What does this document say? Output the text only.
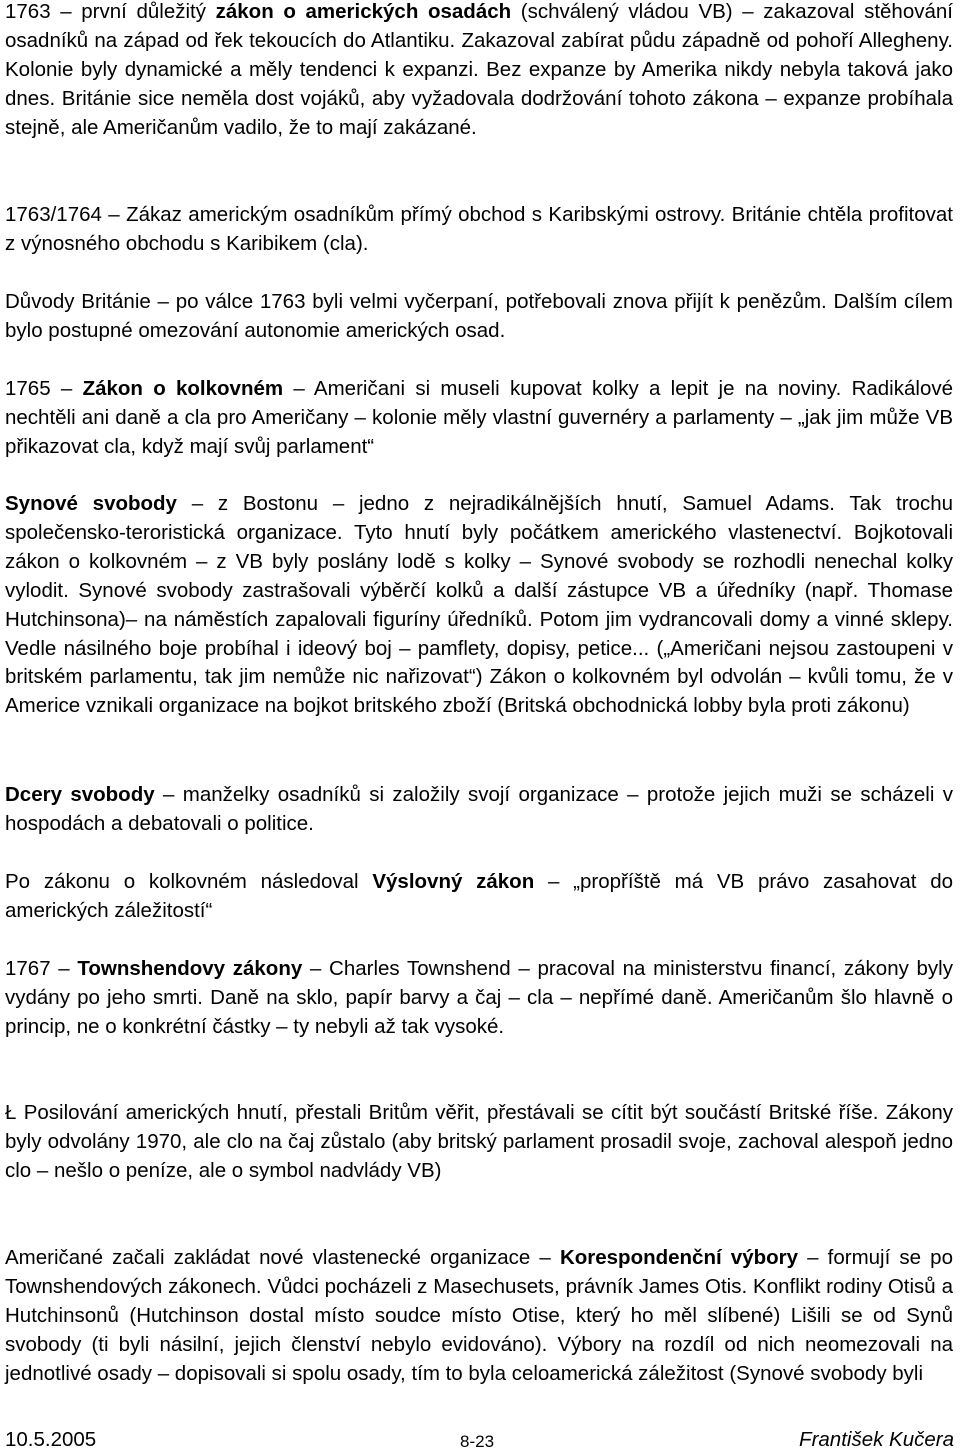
1763 – první důležitý zákon o amerických osadách (schválený vládou VB) – zakazoval stěhování osadníků na západ od řek tekoucích do Atlantiku. Zakazoval zabírat půdu západně od pohoří Allegheny. Kolonie byly dynamické a měly tendenci k expanzi. Bez expanze by Amerika nikdy nebyla taková jako dnes. Británie sice neměla dost vojáků, aby vyžadovala dodržování tohoto zákona – expanze probíhala stejně, ale Američanům vadilo, že to mají zakázané.

1763/1764 – Zákaz americkým osadníkům přímý obchod s Karibskými ostrovy. Británie chtěla profitovat z výnosného obchodu s Karibikem (cla).

Důvody Británie – po válce 1763 byli velmi vyčerpaní, potřebovali znova přijít k penězům. Dalším cílem bylo postupné omezování autonomie amerických osad.

1765 – Zákon o kolkovném – Američani si museli kupovat kolky a lepit je na noviny. Radikálové nechtěli ani daně a cla pro Američany – kolonie měly vlastní guvernéry a parlamenty – „jak jim může VB přikazovat cla, když mají svůj parlament“

Synové svobody – z Bostonu – jedno z nejradikálnějších hnutí, Samuel Adams. Tak trochu společensko-teroristická organizace. Tyto hnutí byly počátkem amerického vlastenectví. Bojkotovali zákon o kolkovném – z VB byly poslány lodě s kolky – Synové svobody se rozhodli nenechal kolky vylodit. Synové svobody zastrašovali výběrčí kolků a další zástupce VB a úředníky (např. Thomase Hutchinsona)– na náměstích zapalovali figuríny úředníků. Potom jim vydrancovali domy a vinné sklepy. Vedle násilného boje probíhal i ideový boj – pamflety, dopisy, petice... („Američani nejsou zastoupeni v britském parlamentu, tak jim nemůže nic nařizovat“) Zákon o kolkovném byl odvolán – kvůli tomu, že v Americe vznikali organizace na bojkot britského zboží (Britská obchodnická lobby byla proti zákonu)

Dcery svobody – manželky osadníků si založily svojí organizace – protože jejich muži se scházeli v hospodách a debatovali o politice.

Po zákonu o kolkovném následoval Výslovný zákon – „propříště má VB právo zasahovat do amerických záležitostí“

1767 – Townshendovy zákony – Charles Townshend – pracoval na ministerstvu financí, zákony byly vydány po jeho smrti. Daně na sklo, papír barvy a čaj – cla – nepřímé daně. Američanům šlo hlavně o princip, ne o konkrétní částky – ty nebyli až tak vysoké.

Ł Posilování amerických hnutí, přestali Britům věřit, přestávali se cítit být součástí Britské říše. Zákony byly odvolány 1970, ale clo na čaj zůstalo (aby britský parlament prosadil svoje, zachoval alespoň jedno clo – nešlo o peníze, ale o symbol nadvlády VB)

Američané začali zakládat nové vlastenecké organizace – Korespondenční výbory – formují se po Townshendových zákonech. Vůdci pocházeli z Masechusets, právník James Otis. Konflikt rodiny Otisů a Hutchinsonů (Hutchinson dostal místo soudce místo Otise, který ho měl slíbené) Lišili se od Synů svobody (ti byli násilní, jejich členství nebylo evidováno). Výbory na rozdíl od nich neomezovali na jednotlivé osady – dopisovali si spolu osady, tím to byla celoamerická záležitost (Synové svobody byli

10.5.2005	8-23	František Kučera
